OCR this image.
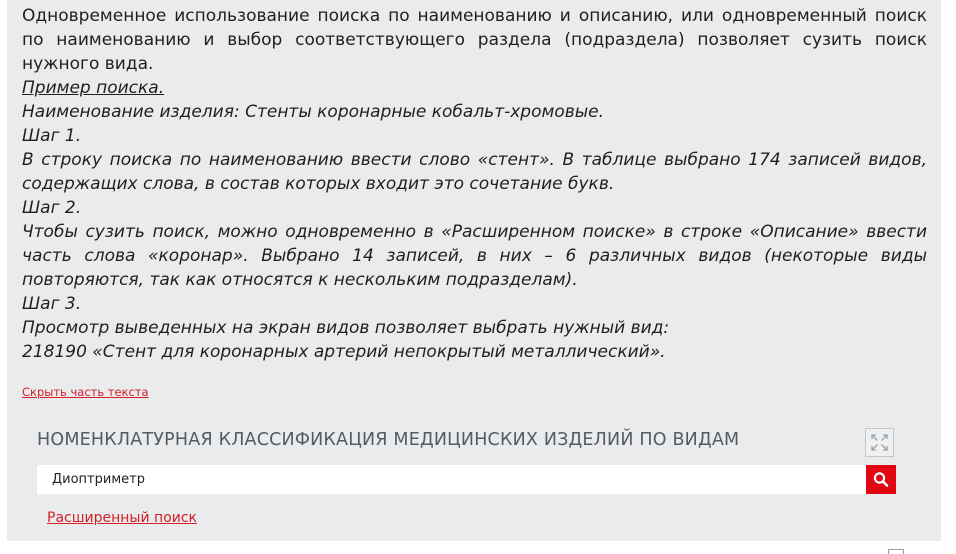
Одновременное использование поиска по наименованию и описанию, или одновременный поиск по наименованию и выбор соответствующего раздела (подраздела) позволяет сузить поиск нужного вида.

Пример поиска.

Наименование изделия: Стенты коронарные кобальт-хромовые.

Шаг 1.

В строку поиска по наименованию ввести слово «стент». В таблице выбрано 174 записей видов, содержащих слова, в состав которых входит это сочетание букв.

Шаг 2.

Чтобы сузить поиск, можно одновременно в «Расширенном поиске» в строке «Описание» ввести часть слова «коронар». Выбрано 14 записей, в них – 6 различных видов (некоторые виды повторяются, так как относятся к нескольким подразделам).

Шаг 3.

Просмотр выведенных на экран видов позволяет выбрать нужный вид:

218190 «Стент для коронарных артерий непокрытый металлический».

Скрыть часть текста
НОМЕНКЛАТУРНАЯ КЛАССИФИКАЦИЯ МЕДИЦИНСКИХ ИЗДЕЛИЙ ПО ВИДАМ
Диоптриметр
Расширенный поиск
